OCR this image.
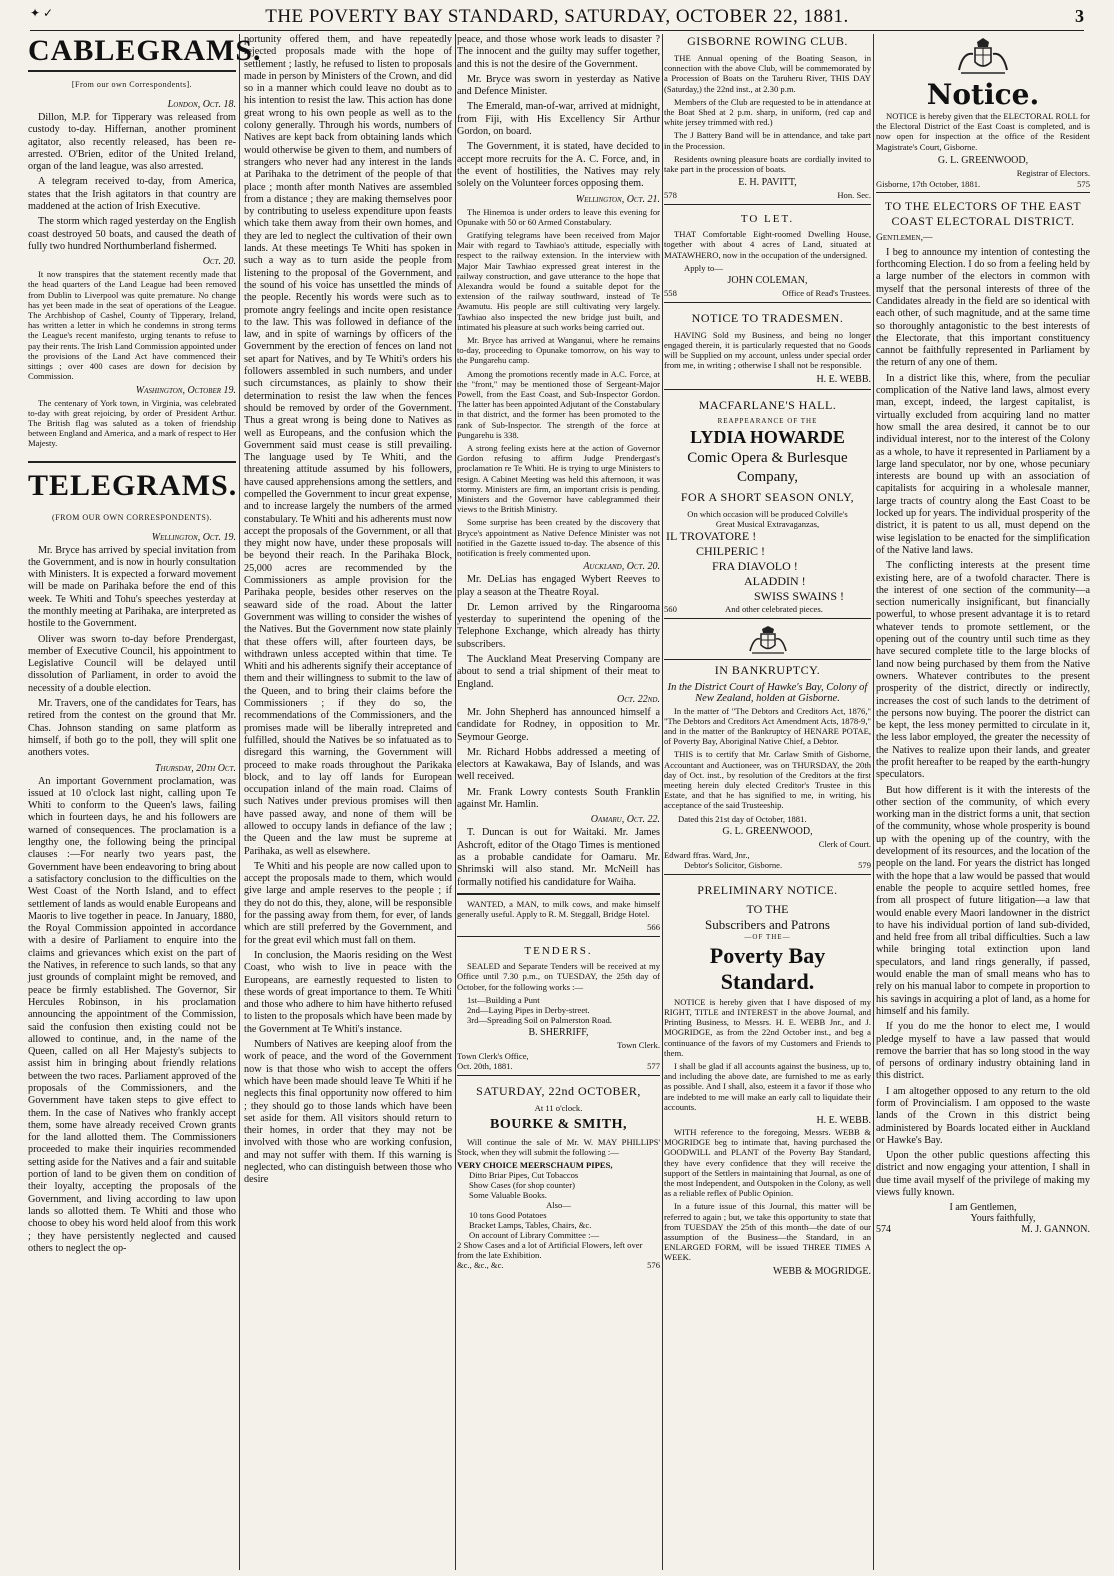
✦ ✓	THE POVERTY BAY STANDARD, SATURDAY, OCTOBER 22, 1881.	3
CABLEGRAMS.
[From our own Correspondents].
London, Oct. 18.

Dillon, M.P. for Tipperary was released from custody to-day. Hiffernan, another prominent agitator, also recently released, has been re-arrested. O'Brien, editor of the United Ireland, organ of the land league, was also arrested.

A telegram received to-day, from America, states that the Irish agitators in that country are maddened at the action of Irish Executive.

The storm which raged yesterday on the English coast destroyed 50 boats, and caused the death of fully two hundred Northumberland fishermed.

Oct. 20.

It now transpires that the statement recently made that the head quarters of the Land League had been removed from Dublin to Liverpool was quite premature. No change has yet been made in the seat of operations of the League. The Archbishop of Cashel, County of Tipperary, Ireland, has written a letter in which he condemns in strong terms the League's recent manifesto, urging tenants to refuse to pay their rents. The Irish Land Commission appointed under the provisions of the Land Act have commenced their sittings ; over 400 cases are down for decision by Commission.

Washington, October 19.

The centenary of York town, in Virginia, was celebrated to-day with great rejoicing, by order of President Arthur. The British flag was saluted as a token of friendship between England and America, and a mark of respect to Her Majesty.

TELEGRAMS.
(FROM OUR OWN CORRESPONDENTS).
Wellington, Oct. 19.

Mr. Bryce has arrived by special invitation from the Government, and is now in hourly consultation with Ministers. It is expected a forward movement will be made on Parihaka before the end of this week. Te Whiti and Tohu's speeches yesterday at the monthly meeting at Parihaka, are interpreted as hostile to the Government.

Oliver was sworn to-day before Prendergast, member of Executive Council, his appointment to Legislative Council will be delayed until dissolution of Parliament, in order to avoid the necessity of a double election.

Mr. Travers, one of the candidates for Tears, has retired from the contest on the ground that Mr. Chas. Johnson standing on same platform as himself, if both go to the poll, they will split one anothers votes.

Thursday, 20th Oct.

An important Government proclamation, was issued at 10 o'clock last night, calling upon Te Whiti to conform to the Queen's laws, failing which in fourteen days, he and his followers are warned of consequences. The proclamation is a lengthy one, the following being the principal clauses :—For nearly two years past, the Government have been endeavoring to bring about a satisfactory conclusion to the difficulties on the West Coast of the North Island, and to effect settlement of lands as would enable Europeans and Maoris to live together in peace. In January, 1880, the Royal Commission appointed in accordance with a desire of Parliament to enquire into the claims and grievances which exist on the part of the Natives, in reference to such lands, so that any just grounds of complaint might be removed, and peace be firmly established. The Governor, Sir Hercules Robinson, in his proclamation announcing the appointment of the Commission, said the confusion then existing could not be allowed to continue, and, in the name of the Queen, called on all Her Majesty's subjects to assist him in bringing about friendly relations between the two races. Parliament approved of the proposals of the Commissioners, and the Government have taken steps to give effect to them. In the case of Natives who frankly accept them, some have already received Crown grants for the land allotted them. The Commissioners proceeded to make their inquiries recommended setting aside for the Natives and a fair and suitable portion of land to be given them on condition of their loyalty, accepting the proposals of the Government, and living according to law upon lands so allotted them. Te Whiti and those who choose to obey his word held aloof from this work ; they have persistently neglected and caused others to neglect the op-

portunity offered them, and have repeatedly rejected proposals made with the hope of settlement ; lastly, he refused to listen to proposals made in person by Ministers of the Crown, and did so in a manner which could leave no doubt as to his intention to resist the law. This action has done great wrong to his own people as well as to the colony generally. Through his words, numbers of Natives are kept back from obtaining lands which would otherwise be given to them, and numbers of strangers who never had any interest in the lands at Parihaka to the detriment of the people of that place ; month after month Natives are assembled from a distance ; they are making themselves poor by contributing to useless expenditure upon feasts which take them away from their own homes, and they are led to neglect the cultivation of their own lands. At these meetings Te Whiti has spoken in such a way as to turn aside the people from listening to the proposal of the Government, and the sound of his voice has unsettled the minds of the people. Recently his words were such as to promote angry feelings and incite open resistance to the law. This was followed in defiance of the law, and in spite of warnings by officers of the Government by the erection of fences on land not set apart for Natives, and by Te Whiti's orders his followers assembled in such numbers, and under such circumstances, as plainly to show their determination to resist the law when the fences should be removed by order of the Government. Thus a great wrong is being done to Natives as well as Europeans, and the confusion which the Government said must cease is still prevailing. The language used by Te Whiti, and the threatening attitude assumed by his followers, have caused apprehensions among the settlers, and compelled the Government to incur great expense, and to increase largely the numbers of the armed constabulary. Te Whiti and his adherents must now accept the proposals of the Government, or all that they might now have, under these proposals will be beyond their reach. In the Parihaka Block, 25,000 acres are recommended by the Commissioners as ample provision for the Parihaka people, besides other reserves on the seaward side of the road. About the latter Government was willing to consider the wishes of the Natives. But the Government now state plainly that these offers will, after fourteen days, be withdrawn unless accepted within that time. Te Whiti and his adherents signify their acceptance of them and their willingness to submit to the law of the Queen, and to bring their claims before the Commissioners ; if they do so, the recommendations of the Commissioners, and the promises made will be liberally intrepreted and fulfilled, should the Natives be so infatuated as to disregard this warning, the Government will proceed to make roads throughout the Parikaka block, and to lay off lands for European occupation inland of the main road. Claims of such Natives under previous promises will then have passed away, and none of them will be allowed to occupy lands in defiance of the law ; the Queen and the law must be supreme at Parihaka, as well as elsewhere.

Te Whiti and his people are now called upon to accept the proposals made to them, which would give large and ample reserves to the people ; if they do not do this, they, alone, will be responsible for the passing away from them, for ever, of lands which are still preferred by the Government, and for the great evil which must fall on them.

In conclusion, the Maoris residing on the West Coast, who wish to live in peace with the Europeans, are earnestly requested to listen to these words of great importance to them. Te Whiti and those who adhere to him have hitherto refused to listen to the proposals which have been made by the Government at Te Whiti's instance.

Numbers of Natives are keeping aloof from the work of peace, and the word of the Government now is that those who wish to accept the offers which have been made should leave Te Whiti if he neglects this final opportunity now offered to him ; they should go to those lands which have been set aside for them. All visitors should return to their homes, in order that they may not be involved with those who are working confusion, and may not suffer with them. If this warning is neglected, who can distinguish between those who desire

peace, and those whose work leads to disaster ? The innocent and the guilty may suffer together, and this is not the desire of the Government.

Mr. Bryce was sworn in yesterday as Native and Defence Minister.

The Emerald, man-of-war, arrived at midnight, from Fiji, with His Excellency Sir Arthur Gordon, on board.

The Government, it is stated, have decided to accept more recruits for the A. C. Force, and, in the event of hostilities, the Natives may rely solely on the Volunteer forces opposing them.

Wellington, Oct. 21.

The Hinemoa is under orders to leave this evening for Opunake with 50 or 60 Armed Constabulary.

Gratifying telegrams have been received from Major Mair with regard to Tawhiao's attitude, especially with respect to the railway extension. In the interview with Major Mair Tawhiao expressed great interest in the railway construction, and gave utterance to the hope that Alexandra would be found a suitable depot for the extension of the railway southward, instead of Te Awamutu. His people are still cultivating very largely. Tawhiao also inspected the new bridge just built, and intimated his pleasure at such works being carried out.

Mr. Bryce has arrived at Wanganui, where he remains to-day, proceeding to Opunake tomorrow, on his way to the Pungarehu camp.

Among the promotions recently made in A.C. Force, at the "front," may be mentioned those of Sergeant-Major Powell, from the East Coast, and Sub-Inspector Gordon. The latter has been appointed Adjutant of the Constabulary in that district, and the former has been promoted to the rank of Sub-Inspector. The strength of the force at Pungarehu is 338.

A strong feeling exists here at the action of Governor Gordon refusing to affirm Judge Prendergast's proclamation re Te Whiti. He is trying to urge Ministers to resign. A Cabinet Meeting was held this afternoon, it was stormy. Ministers are firm, an important crisis is pending. Ministers and the Governor have cablegrammed their views to the British Ministry.

Some surprise has been created by the discovery that Bryce's appointment as Native Defence Minister was not notified in the Gazette issued to-day. The absence of this notification is freely commented upon.

Auckland, Oct. 20.

Mr. DeLias has engaged Wybert Reeves to play a season at the Theatre Royal.

Dr. Lemon arrived by the Ringarooma yesterday to superintend the opening of the Telephone Exchange, which already has thirty subscribers.

The Auckland Meat Preserving Company are about to send a trial shipment of their meat to England.

Oct. 22nd.

Mr. John Shepherd has announced himself a candidate for Rodney, in opposition to Mr. Seymour George.

Mr. Richard Hobbs addressed a meeting of electors at Kawakawa, Bay of Islands, and was well received.

Mr. Frank Lowry contests South Franklin against Mr. Hamlin.

Oamaru, Oct. 22.

T. Duncan is out for Waitaki. Mr. James Ashcroft, editor of the Otago Times is mentioned as a probable candidate for Oamaru. Mr. Shrimski will also stand. Mr. McNeill has formally notified his candidature for Waiha.

WANTED, a MAN, to milk cows, and make himself generally useful. Apply to R. M. Steggall, Bridge Hotel.

566
TENDERS.

SEALED and Separate Tenders will be received at my Office until 7.30 p.m., on TUESDAY, the 25th day of October, for the following works :—

1st—Building a Punt
2nd—Laying Pipes in Derby-street.
3rd—Spreading Soil on Palmerston Road.
B. SHERRIFF,
Town Clerk.
Town Clerk's Office,
Oct. 20th, 1881.	577
SATURDAY, 22nd OCTOBER,
At 11 o'clock.
BOURKE & SMITH,

Will continue the sale of Mr. W. MAY PHILLIPS' Stock, when they will submit the following :—

VERY CHOICE MEERSCHAUM PIPES,
Ditto Briar Pipes, Cut Tobaccos
Show Cases (for shop counter)
Some Valuable Books.
Also—
10 tons Good Potatoes
Bracket Lamps, Tables, Chairs, &c.
On account of Library Committee :—
2 Show Cases and a lot of Artificial Flowers, left over from the late Exhibition.
&c., &c., &c.	576
GISBORNE ROWING CLUB.

THE Annual opening of the Boating Season, in connection with the above Club, will be commemorated by a Procession of Boats on the Taruheru River, THIS DAY (Saturday,) the 22nd inst., at 2.30 p.m.

Members of the Club are requested to be in attendance at the Boat Shed at 2 p.m. sharp, in uniform, (red cap and white jersey trimmed with red.)

The J Battery Band will be in attendance, and take part in the Procession.

Residents owning pleasure boats are cordially invited to take part in the procession of boats.

E. H. PAVITT,
578	Hon. Sec.
TO LET.

THAT Comfortable Eight-roomed Dwelling House, together with about 4 acres of Land, situated at MATAWHERO, now in the occupation of the undersigned.

Apply to—
JOHN COLEMAN,
558	Office of Read's Trustees.
NOTICE TO TRADESMEN.

HAVING Sold my Business, and being no longer engaged therein, it is particularly requested that no Goods will be Supplied on my account, unless under special order from me, in writing ; otherwise I shall not be responsible.

H. E. WEBB.
MACFARLANE'S HALL.
REAPPEARANCE OF THE
LYDIA HOWARDE
Comic Opera & Burlesque
Company,
FOR A SHORT SEASON ONLY,
On which occasion will be produced Colville's
Great Musical Extravaganzas,
IL TROVATORE !
CHILPERIC !
FRA DIAVOLO !
ALADDIN !
SWISS SWAINS !
560	And other celebrated pieces.
IN BANKRUPTCY.
In the District Court of Hawke's Bay, Colony of New Zealand, holden at Gisborne.

In the matter of "The Debtors and Creditors Act, 1876," "The Debtors and Creditors Act Amendment Acts, 1878-9," and in the matter of the Bankruptcy of HENARE POTAE, of Poverty Bay, Aboriginal Native Chief, a Debtor.

THIS is to certify that Mr. Carlaw Smith of Gisborne, Accountant and Auctioneer, was on THURSDAY, the 20th day of Oct. inst., by resolution of the Creditors at the first meeting herein duly elected Creditor's Trustee in this Estate, and that he has signified to me, in writing, his acceptance of the said Trusteeship.

Dated this 21st day of October, 1881.
G. L. GREENWOOD,
Clerk of Court.
Edward ffras. Ward, Jnr.,
Debtor's Solicitor, Gisborne.	579
PRELIMINARY NOTICE.
TO THE
Subscribers and Patrons
—OF THE—
Poverty Bay Standard.

NOTICE is hereby given that I have disposed of my RIGHT, TITLE and INTEREST in the above Journal, and Printing Business, to Messrs. H. E. WEBB Jnr., and J. MOGRIDGE, as from the 22nd October inst., and beg a continuance of the favors of my Customers and Friends to them.

I shall be glad if all accounts against the business, up to, and including the above date, are furnished to me as early as possible. And I shall, also, esteem it a favor if those who are indebted to me will make an early call to liquidate their accounts.

H. E. WEBB.

WITH reference to the foregoing, Messrs. WEBB & MOGRIDGE beg to intimate that, having purchased the GOODWILL and PLANT of the Poverty Bay Standard, they have every confidence that they will receive the support of the Settlers in maintaining that Journal, as one of the most Independent, and Outspoken in the Colony, as well as a reliable reflex of Public Opinion.

In a future issue of this Journal, this matter will be referred to again ; but, we take this opportunity to state that from TUESDAY the 25th of this month—the date of our assumption of the Business—the Standard, in an ENLARGED FORM, will be issued THREE TIMES A WEEK.

WEBB & MOGRIDGE.
Notice.

NOTICE is hereby given that the ELECTORAL ROLL for the Electoral District of the East Coast is completed, and is now open for inspection at the office of the Resident Magistrate's Court, Gisborne.

G. L. GREENWOOD,
Registrar of Electors.
Gisborne, 17th October, 1881.	575
TO THE ELECTORS OF THE EAST COAST ELECTORAL DISTRICT.
Gentlemen,—

I beg to announce my intention of contesting the forthcoming Election. I do so from a feeling held by a large number of the electors in common with myself that the personal interests of three of the Candidates already in the field are so identical with each other, of such magnitude, and at the same time so thoroughly antagonistic to the best interests of the Electorate, that this important constituency cannot be faithfully represented in Parliament by the return of any one of them.

In a district like this, where, from the peculiar complication of the Native land laws, almost every man, except, indeed, the largest capitalist, is virtually excluded from acquiring land no matter how small the area desired, it cannot be to our individual interest, nor to the interest of the Colony as a whole, to have it represented in Parliament by a large land speculator, nor by one, whose pecuniary interests are bound up with an association of capitalists for acquiring in a wholesale manner, large tracts of country along the East Coast to be locked up for years. The individual prosperity of the district, it is patent to us all, must depend on the wise legislation to be enacted for the simplification of the Native land laws.

The conflicting interests at the present time existing here, are of a twofold character. There is the interest of one section of the community—a section numerically insignificant, but financially powerful, to whose present advantage it is to retard whatever tends to promote settlement, or the opening out of the country until such time as they have secured complete title to the large blocks of land now being purchased by them from the Native owners. Whatever contributes to the present prosperity of the district, directly or indirectly, increases the cost of such lands to the detriment of the persons now buying. The poorer the district can be kept, the less money permitted to circulate in it, the less labor employed, the greater the necessity of the Natives to realize upon their lands, and greater the profit hereafter to be reaped by the earth-hungry speculators.

But how different is it with the interests of the other section of the community, of which every working man in the district forms a unit, that section of the community, whose whole prosperity is bound up with the opening up of the country, with the development of its resources, and the location of the people on the land. For years the district has longed with the hope that a law would be passed that would enable the people to acquire settled homes, free from all prospect of future litigation—a law that would enable every Maori landowner in the district to have his individual portion of land sub-divided, and held free from all tribal difficulties. Such a law while bringing total extinction upon land speculators, and land rings generally, if passed, would enable the man of small means who has to rely on his manual labor to compete in proportion to his savings in acquiring a plot of land, as a home for himself and his family.

If you do me the honor to elect me, I would pledge myself to have a law passed that would remove the barrier that has so long stood in the way of persons of ordinary industry obtaining land in this district.

I am altogether opposed to any return to the old form of Provincialism. I am opposed to the waste lands of the Crown in this district being administered by Boards located either in Auckland or Hawke's Bay.

Upon the other public questions affecting this district and now engaging your attention, I shall in due time avail myself of the privilege of making my views fully known.

I am Gentlemen,
Yours faithfully,
574	M. J. GANNON.
